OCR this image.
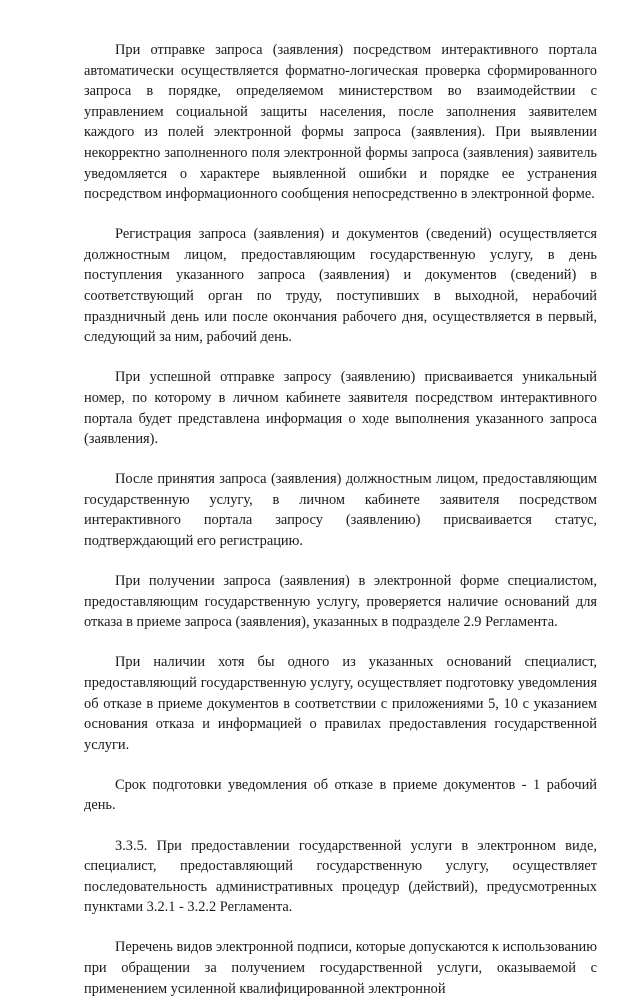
При отправке запроса (заявления) посредством интерактивного портала автоматически осуществляется форматно-логическая проверка сформированного запроса в порядке, определяемом министерством во взаимодействии с управлением социальной защиты населения, после заполнения заявителем каждого из полей электронной формы запроса (заявления). При выявлении некорректно заполненного поля электронной формы запроса (заявления) заявитель уведомляется о характере выявленной ошибки и порядке ее устранения посредством информационного сообщения непосредственно в электронной форме.

Регистрация запроса (заявления) и документов (сведений) осуществляется должностным лицом, предоставляющим государственную услугу, в день поступления указанного запроса (заявления) и документов (сведений) в соответствующий орган по труду, поступивших в выходной, нерабочий праздничный день или после окончания рабочего дня, осуществляется в первый, следующий за ним, рабочий день.

При успешной отправке запросу (заявлению) присваивается уникальный номер, по которому в личном кабинете заявителя посредством интерактивного портала будет представлена информация о ходе выполнения указанного запроса (заявления).

После принятия запроса (заявления) должностным лицом, предоставляющим государственную услугу, в личном кабинете заявителя посредством интерактивного портала запросу (заявлению) присваивается статус, подтверждающий его регистрацию.

При получении запроса (заявления) в электронной форме специалистом, предоставляющим государственную услугу, проверяется наличие оснований для отказа в приеме запроса (заявления), указанных в подразделе 2.9 Регламента.

При наличии хотя бы одного из указанных оснований специалист, предоставляющий государственную услугу, осуществляет подготовку уведомления об отказе в приеме документов в соответствии с приложениями 5, 10 с указанием основания отказа и информацией о правилах предоставления государственной услуги.

Срок подготовки уведомления об отказе в приеме документов - 1 рабочий день.

3.3.5. При предоставлении государственной услуги в электронном виде, специалист, предоставляющий государственную услугу, осуществляет последовательность административных процедур (действий), предусмотренных пунктами 3.2.1 - 3.2.2 Регламента.

Перечень видов электронной подписи, которые допускаются к использованию при обращении за получением государственной услуги, оказываемой с применением усиленной квалифицированной электронной
